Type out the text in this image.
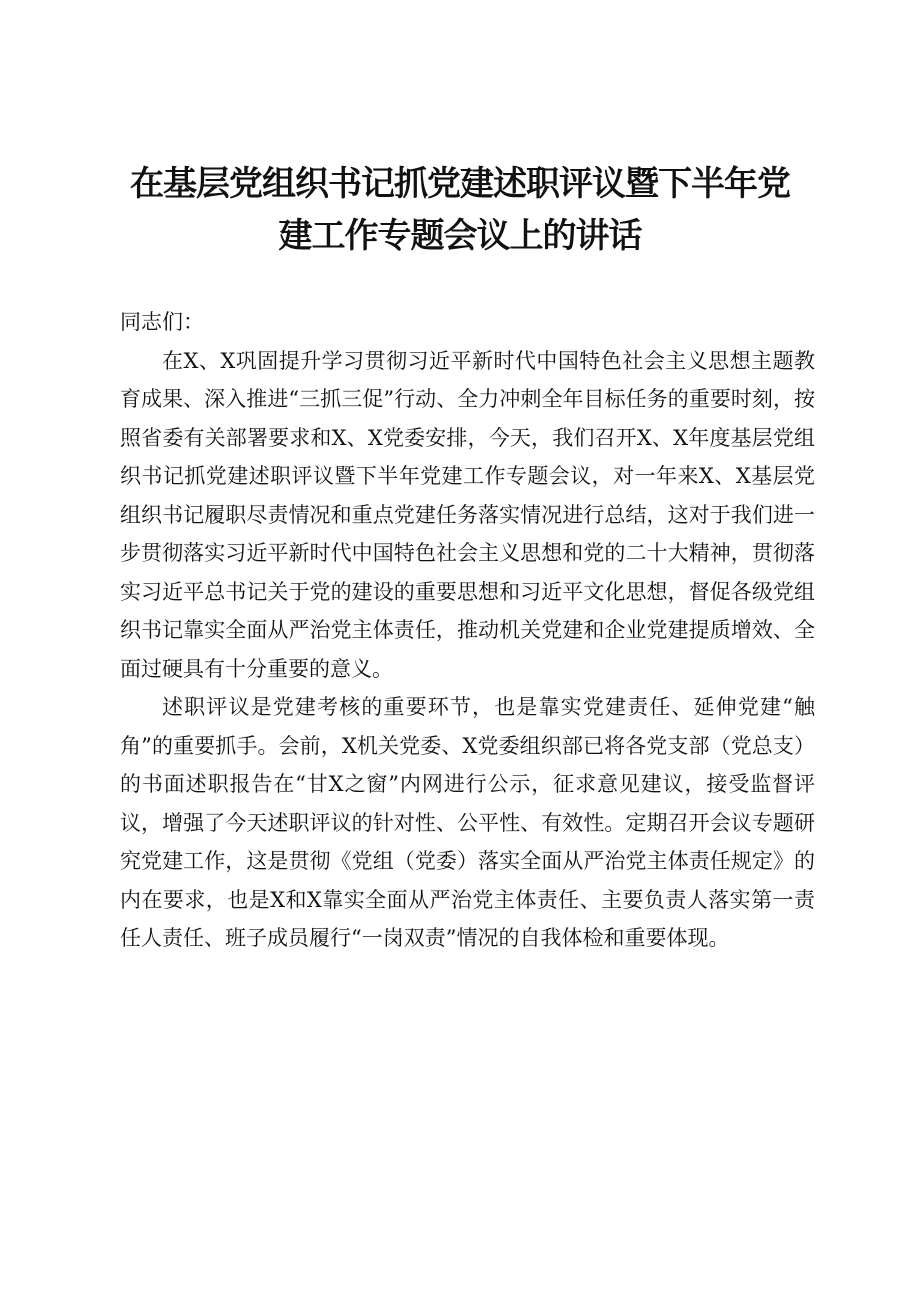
在基层党组织书记抓党建述职评议暨下半年党
建工作专题会议上的讲话

同志们：

在X、X巩固提升学习贯彻习近平新时代中国特色社会主义思想主题教育成果、深入推进“三抓三促”行动、全力冲刺全年目标任务的重要时刻，按照省委有关部署要求和X、X党委安排，今天，我们召开X、X年度基层党组织书记抓党建述职评议暨下半年党建工作专题会议，对一年来X、X基层党组织书记履职尽责情况和重点党建任务落实情况进行总结，这对于我们进一步贯彻落实习近平新时代中国特色社会主义思想和党的二十大精神，贯彻落实习近平总书记关于党的建设的重要思想和习近平文化思想，督促各级党组织书记靠实全面从严治党主体责任，推动机关党建和企业党建提质增效、全面过硬具有十分重要的意义。

述职评议是党建考核的重要环节，也是靠实党建责任、延伸党建“触角”的重要抓手。会前，X机关党委、X党委组织部已将各党支部（党总支）的书面述职报告在“甘X之窗”内网进行公示，征求意见建议，接受监督评议，增强了今天述职评议的针对性、公平性、有效性。定期召开会议专题研究党建工作，这是贯彻《党组（党委）落实全面从严治党主体责任规定》的内在要求，也是X和X靠实全面从严治党主体责任、主要负责人落实第一责任人责任、班子成员履行“一岗双责”情况的自我体检和重要体现。
